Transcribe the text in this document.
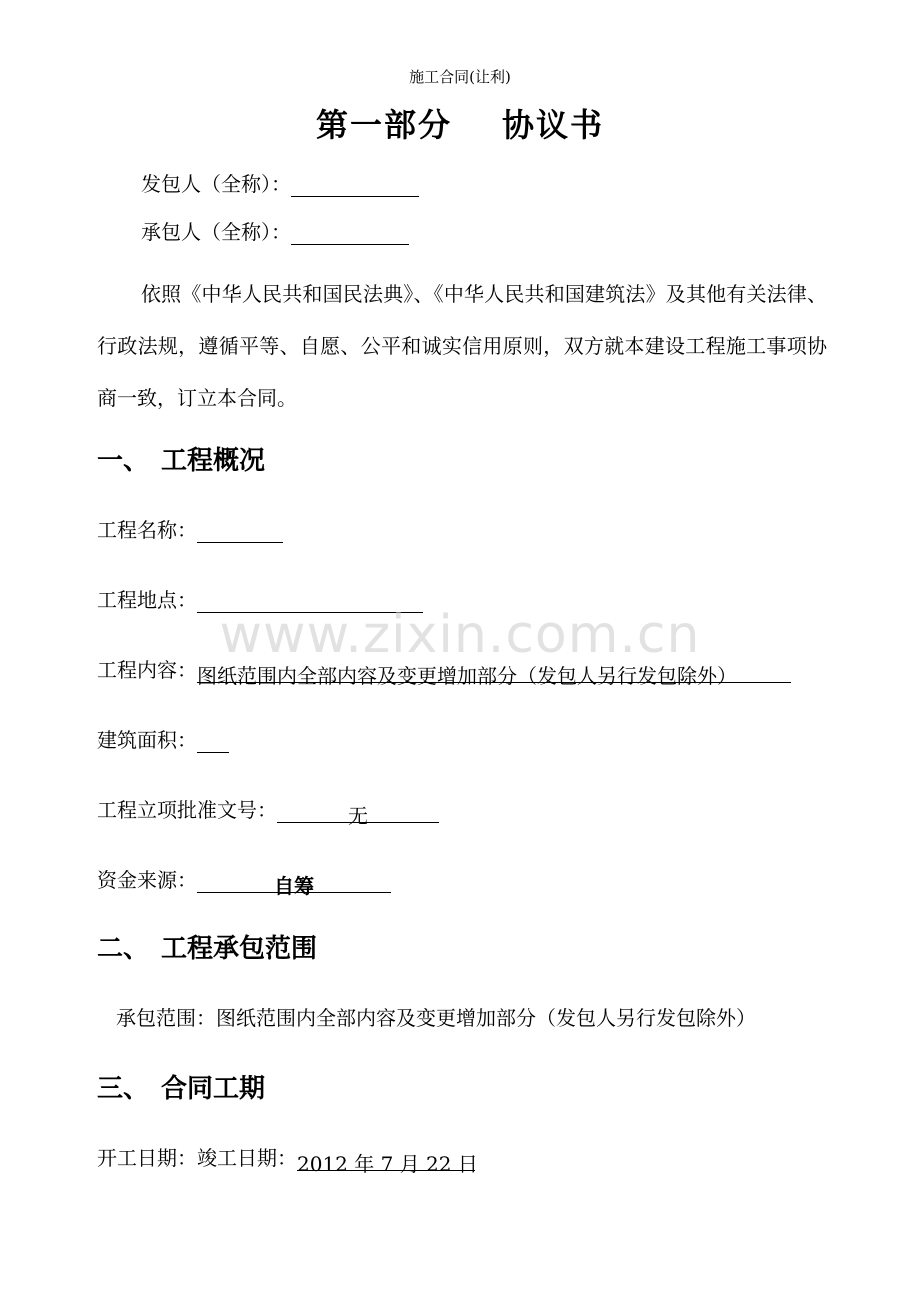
施工合同(让利)
第一部分 协议书
发包人（全称）：
承包人（全称）：
依照《中华人民共和国民法典》、《中华人民共和国建筑法》及其他有关法律、行政法规，遵循平等、自愿、公平和诚实信用原则，双方就本建设工程施工事项协商一致，订立本合同。
一、 工程概况
工程名称：
工程地点：
www.zixin.com.cn
工程内容：图纸范围内全部内容及变更增加部分（发包人另行发包除外）
建筑面积：
工程立项批准文号：	无
资金来源：	自筹
二、 工程承包范围
承包范围：图纸范围内全部内容及变更增加部分（发包人另行发包除外）
三、 合同工期
开工日期：竣工日期：2012 年 7 月 22 日
